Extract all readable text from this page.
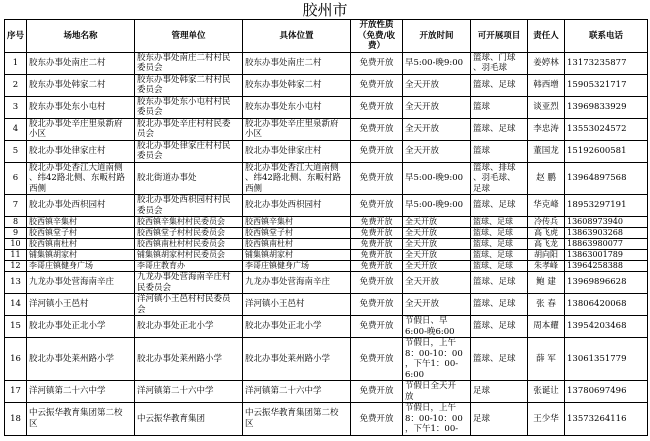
胶州市
序号	场地名称	管理单位	具体位置	开放性质
（免费/收
费）	开放时间	可开展项目	责任人	联系电话
1	胶东办事处南庄二村	胶东办事处南庄二村村民
委员会	胶东办事处南庄二村	免费开放	早5:00-晚9:00	篮球、门球
、羽毛球	姜婷林	13173235877
2	胶东办事处韩家二村	胶东办事处韩家二村村民
委员会	胶东办事处韩家二村	免费开放	全天开放	篮球、足球	韩西增	15905321717
3	胶东办事处东小屯村	胶东办事处东小屯村村民
委员会	胶东办事处东小屯村	免费开放	全天开放	篮球	谈亚烈	13969833929
4	胶北办事处辛庄里泉新府
小区	胶北办事处辛庄村村民委
员会	胶北办事处辛庄里泉新府
小区	免费开放	全天开放	篮球、足球	李忠涛	13553024572
5	胶北办事处律家庄村	胶北办事处律家庄村村民
委员会	胶北办事处律家庄村	免费开放	全天开放	篮球	董国龙	15192600581
6	胶北办事处香江大道南侧
、纬42路北侧、东畈村路
西侧	胶北街道办事处	胶北办事处香江大道南侧
、纬42路北侧、东畈村路
西侧	免费开放	早5:00-晚9:00	篮球、排球
、羽毛球、
足球	赵 鹏	13964897568
7	胶北办事处西枳园村	胶北办事处西枳园村村民
委员会	胶北办事处西枳园村	免费开放	早5:00-晚9:00	篮球、足球	华克峰	18953297191
8	胶西镇辛集村	胶西镇辛集村村民委员会	胶西镇辛集村	免费开放	全天开放	篮球、足球	冷传兵	13608973940
9	胶西镇堂子村	胶西镇堂子村村民委员会	胶西镇堂子村	免费开放	全天开放	篮球、足球	高飞虎	13863903268
10	胶西镇南杜村	胶西镇南杜村村民委员会	胶西镇南杜村	免费开放	全天开放	篮球、足球	高飞龙	18863980077
11	铺集镇胡家村	铺集镇胡家村村民委员会	铺集镇胡家村	免费开放	全天开放	篮球、足球	胡向阳	13863001789
12	李哥庄镇健身广场	李哥庄教育办	李哥庄镇健身广场	免费开放	全天开放	篮球、足球	朱孝峰	13964258388
13	九龙办事处营海南辛庄	九龙办事处营海南辛庄村
民委员会	九龙办事处营海南辛庄	免费开放	全天开放	篮球、足球	鲍 建	13969896628
14	洋河镇小王邑村	洋河镇小王邑村村民委员
会	洋河镇小王邑村	免费开放	全天开放	篮球、足球	张 春	13806420068
15	胶北办事处正北小学	胶北办事处正北小学	胶北办事处正北小学	免费开放	节假日、早
6:00-晚6:00	篮球、足球	周本耀	13954203468
16	胶北办事处莱州路小学	胶北办事处莱州路小学	胶北办事处莱州路小学	免费开放	节假日，上午
8：00-10：00
，下午1：00-
6:00	篮球、足球	薛 军	13061351779
17	洋河镇第二十六中学	洋河镇第二十六中学	洋河镇第二十六中学	免费开放	节假日全天开
放	足球	张诞让	13780697496
18	中云振华教育集团第二校
区	中云振华教育集团	中云振华教育集团第二校
区	免费开放	节假日，上午
8：00-10：00
，下午1：00-	足球	王少华	13573264116
